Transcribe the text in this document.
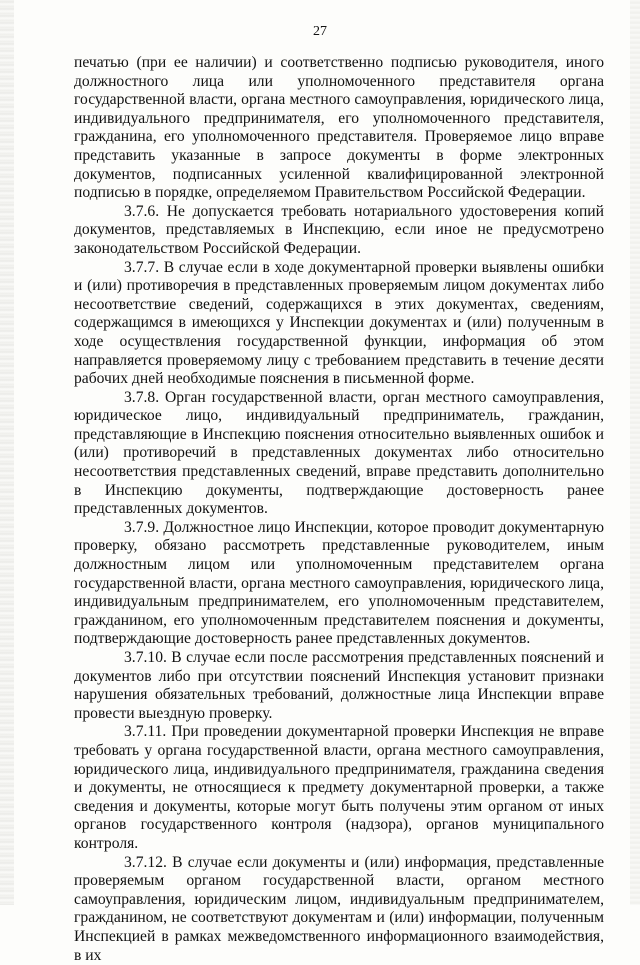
27

печатью (при ее наличии) и соответственно подписью руководителя, иного должностного лица или уполномоченного представителя органа государственной власти, органа местного самоуправления, юридического лица, индивидуального предпринимателя, его уполномоченного представителя, гражданина, его уполномоченного представителя. Проверяемое лицо вправе представить указанные в запросе документы в форме электронных документов, подписанных усиленной квалифицированной электронной подписью в порядке, определяемом Правительством Российской Федерации.

3.7.6. Не допускается требовать нотариального удостоверения копий документов, представляемых в Инспекцию, если иное не предусмотрено законодательством Российской Федерации.

3.7.7. В случае если в ходе документарной проверки выявлены ошибки и (или) противоречия в представленных проверяемым лицом документах либо несоответствие сведений, содержащихся в этих документах, сведениям, содержащимся в имеющихся у Инспекции документах и (или) полученным в ходе осуществления государственной функции, информация об этом направляется проверяемому лицу с требованием представить в течение десяти рабочих дней необходимые пояснения в письменной форме.

3.7.8. Орган государственной власти, орган местного самоуправления, юридическое лицо, индивидуальный предприниматель, гражданин, представляющие в Инспекцию пояснения относительно выявленных ошибок и (или) противоречий в представленных документах либо относительно несоответствия представленных сведений, вправе представить дополнительно в Инспекцию документы, подтверждающие достоверность ранее представленных документов.

3.7.9. Должностное лицо Инспекции, которое проводит документарную проверку, обязано рассмотреть представленные руководителем, иным должностным лицом или уполномоченным представителем органа государственной власти, органа местного самоуправления, юридического лица, индивидуальным предпринимателем, его уполномоченным представителем, гражданином, его уполномоченным представителем пояснения и документы, подтверждающие достоверность ранее представленных документов.

3.7.10. В случае если после рассмотрения представленных пояснений и документов либо при отсутствии пояснений Инспекция установит признаки нарушения обязательных требований, должностные лица Инспекции вправе провести выездную проверку.

3.7.11. При проведении документарной проверки Инспекция не вправе требовать у органа государственной власти, органа местного самоуправления, юридического лица, индивидуального предпринимателя, гражданина сведения и документы, не относящиеся к предмету документарной проверки, а также сведения и документы, которые могут быть получены этим органом от иных органов государственного контроля (надзора), органов муниципального контроля.

3.7.12. В случае если документы и (или) информация, представленные проверяемым органом государственной власти, органом местного самоуправления, юридическим лицом, индивидуальным предпринимателем, гражданином, не соответствуют документам и (или) информации, полученным Инспекцией в рамках межведомственного информационного взаимодействия, в их
